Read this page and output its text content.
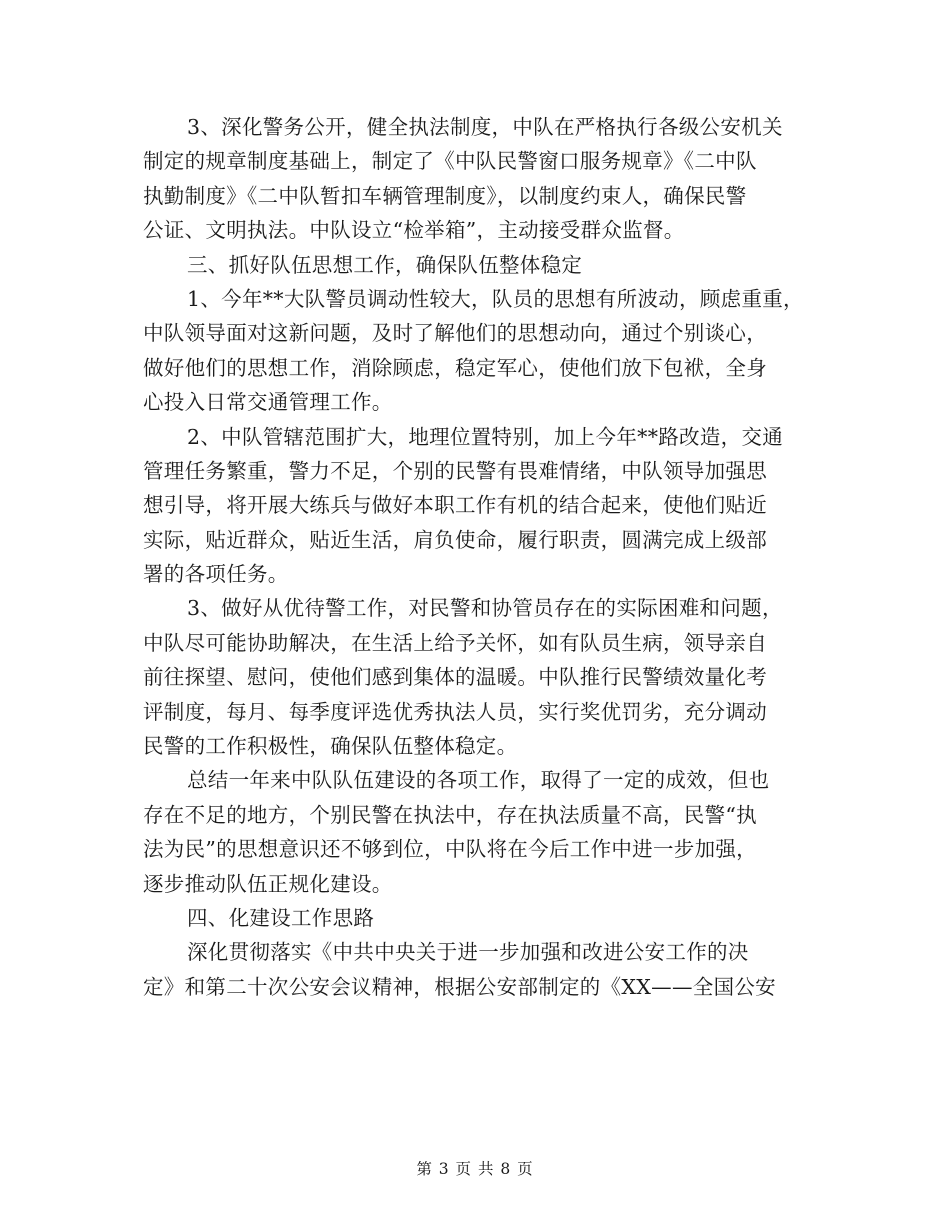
3、深化警务公开，健全执法制度，中队在严格执行各级公安机关
制定的规章制度基础上，制定了《中队民警窗口服务规章》《二中队
执勤制度》《二中队暂扣车辆管理制度》，以制度约束人，确保民警
公证、文明执法。中队设立“检举箱”，主动接受群众监督。
三、抓好队伍思想工作，确保队伍整体稳定
1、今年**大队警员调动性较大，队员的思想有所波动，顾虑重重，
中队领导面对这新问题，及时了解他们的思想动向，通过个别谈心，
做好他们的思想工作，消除顾虑，稳定军心，使他们放下包袱，全身
心投入日常交通管理工作。
2、中队管辖范围扩大，地理位置特别，加上今年**路改造，交通
管理任务繁重，警力不足，个别的民警有畏难情绪，中队领导加强思
想引导，将开展大练兵与做好本职工作有机的结合起来，使他们贴近
实际，贴近群众，贴近生活，肩负使命，履行职责，圆满完成上级部
署的各项任务。
3、做好从优待警工作，对民警和协管员存在的实际困难和问题，
中队尽可能协助解决，在生活上给予关怀，如有队员生病，领导亲自
前往探望、慰问，使他们感到集体的温暖。中队推行民警绩效量化考
评制度，每月、每季度评选优秀执法人员，实行奖优罚劣，充分调动
民警的工作积极性，确保队伍整体稳定。
总结一年来中队队伍建设的各项工作，取得了一定的成效，但也
存在不足的地方，个别民警在执法中，存在执法质量不高，民警“执
法为民”的思想意识还不够到位，中队将在今后工作中进一步加强，
逐步推动队伍正规化建设。
四、化建设工作思路
深化贯彻落实《中共中央关于进一步加强和改进公安工作的决
定》和第二十次公安会议精神，根据公安部制定的《XX——全国公安
第 3 页 共 8 页
